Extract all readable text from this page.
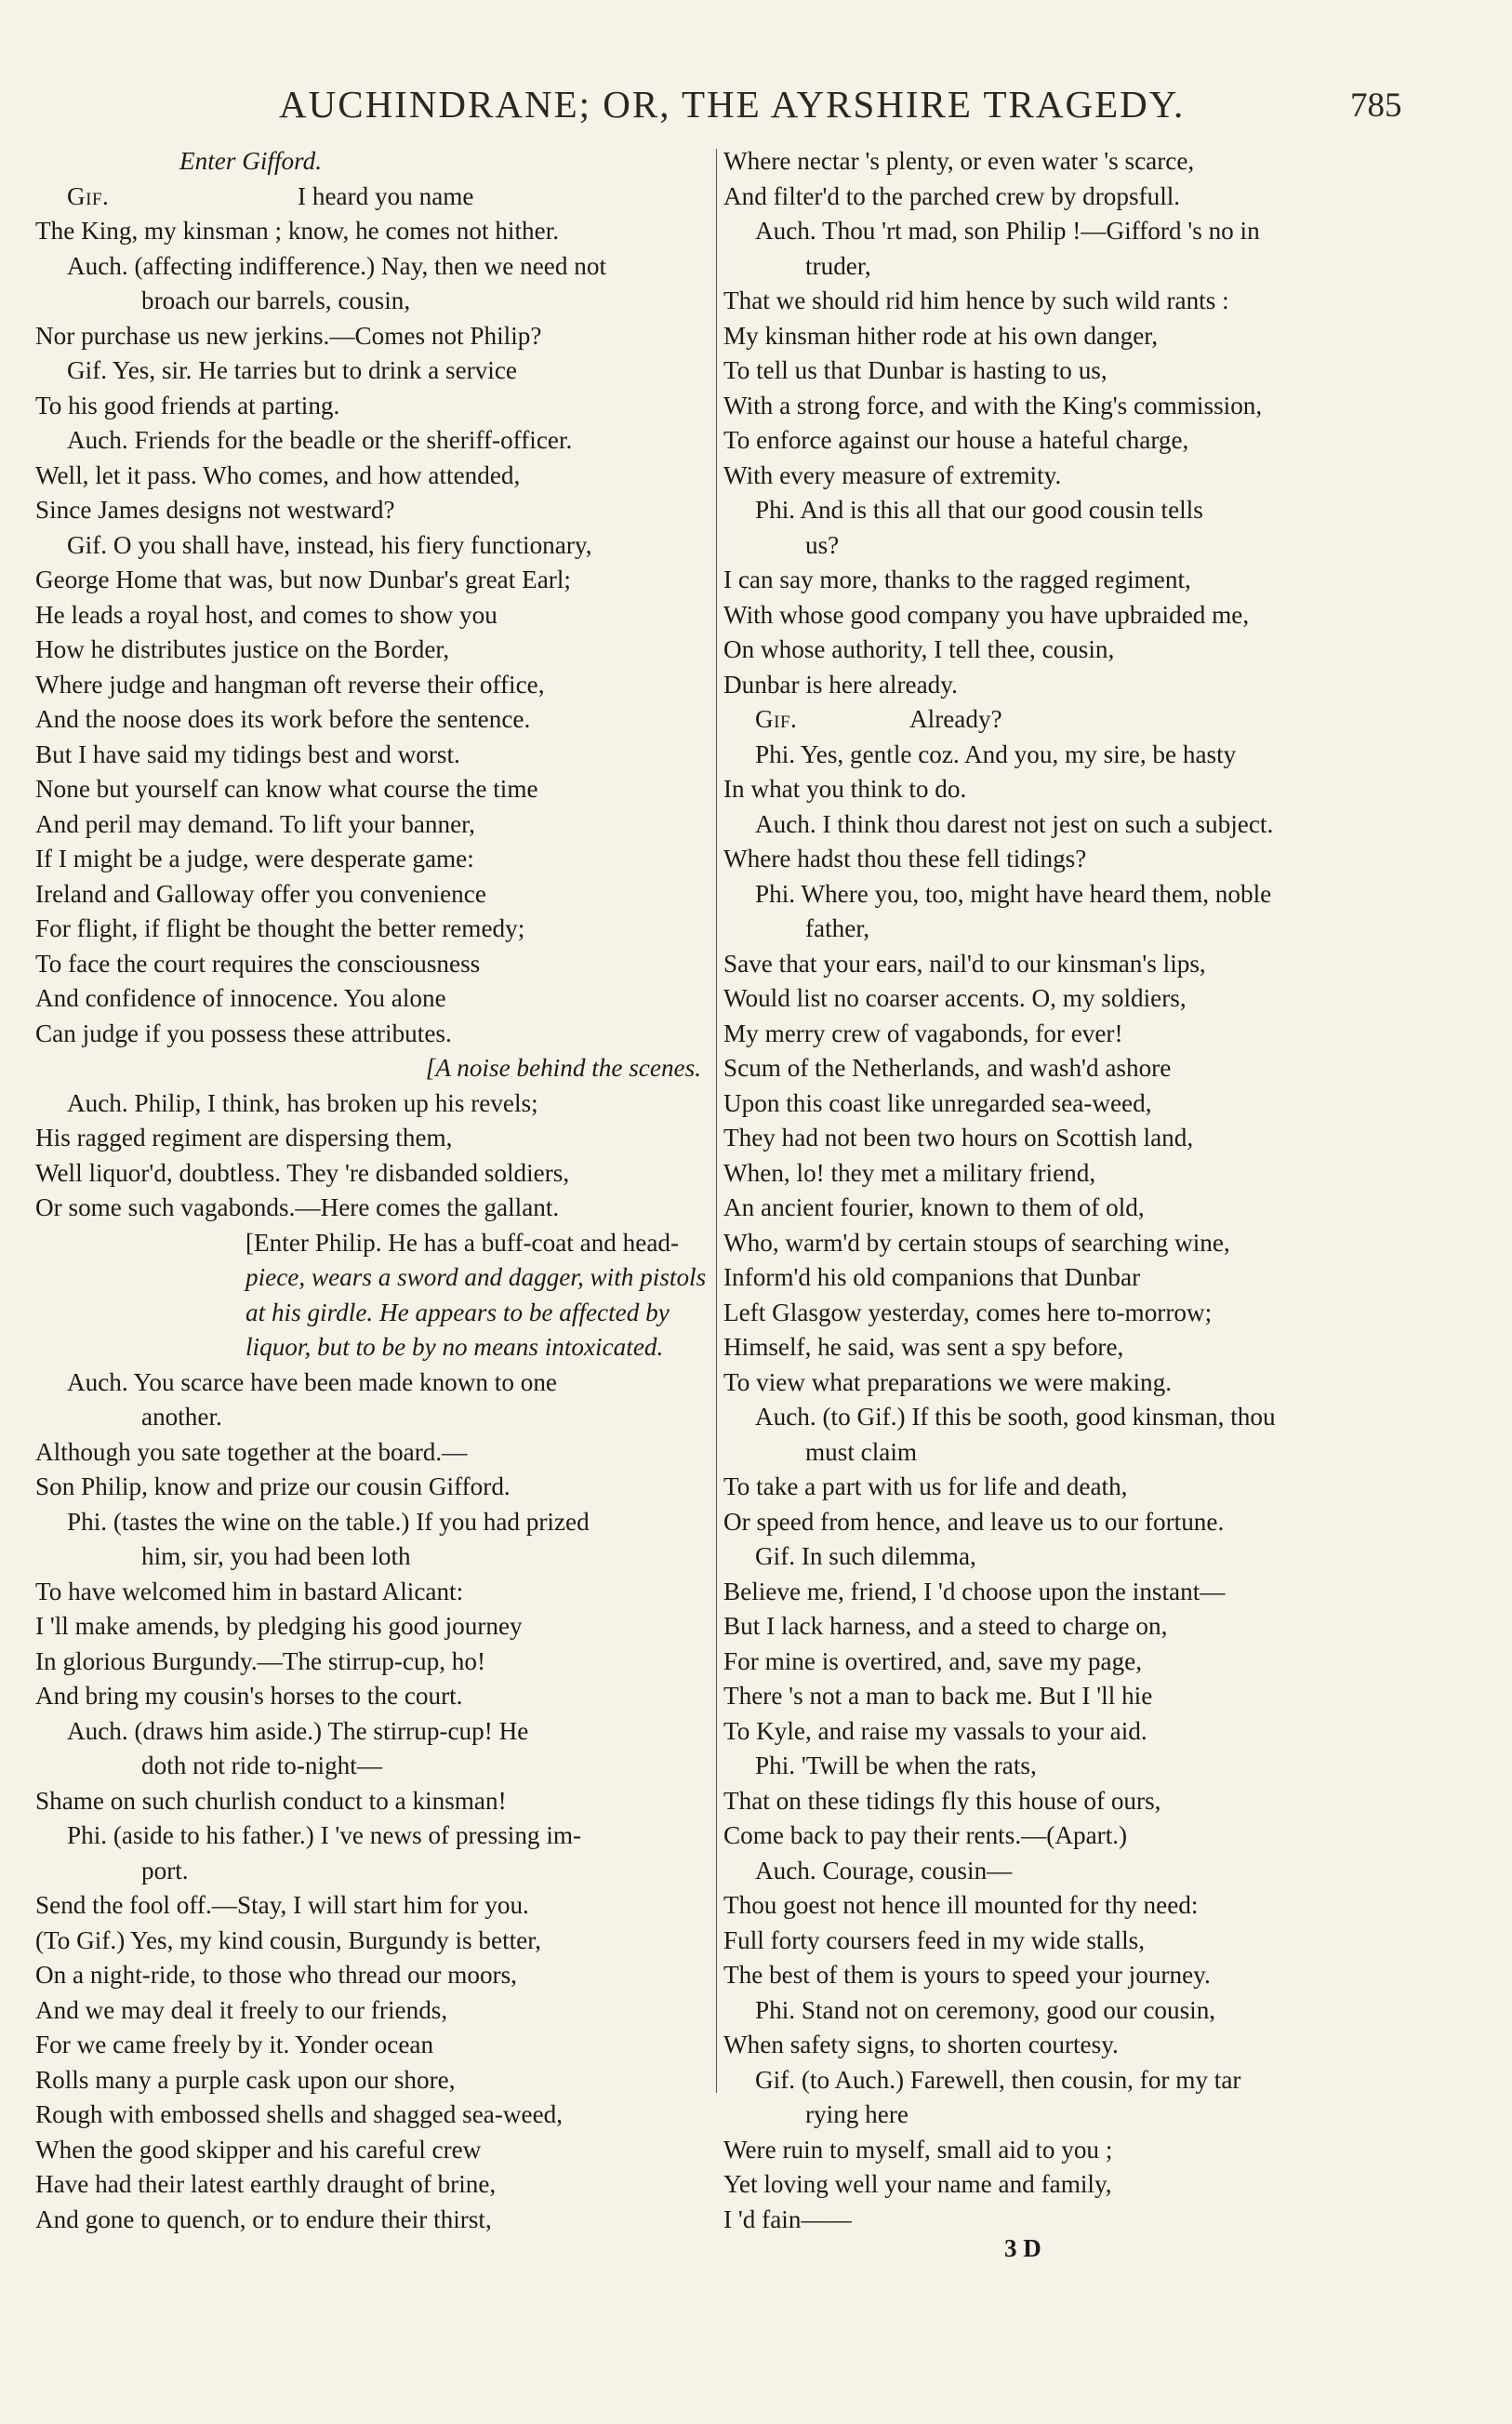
AUCHINDRANE; OR, THE AYRSHIRE TRAGEDY.	785
Enter Gifford.
Gif.	I heard you name
The King, my kinsman ; know, he comes not hither.
Auch. (affecting indifference.) Nay, then we need not
broach our barrels, cousin,
Nor purchase us new jerkins.—Comes not Philip?
Gif. Yes, sir. He tarries but to drink a service
To his good friends at parting.
Auch. Friends for the beadle or the sheriff-officer.
Well, let it pass. Who comes, and how attended,
Since James designs not westward?
Gif. O you shall have, instead, his fiery functionary,
George Home that was, but now Dunbar's great Earl;
He leads a royal host, and comes to show you
How he distributes justice on the Border,
Where judge and hangman oft reverse their office,
And the noose does its work before the sentence.
But I have said my tidings best and worst.
None but yourself can know what course the time
And peril may demand. To lift your banner,
If I might be a judge, were desperate game:
Ireland and Galloway offer you convenience
For flight, if flight be thought the better remedy;
To face the court requires the consciousness
And confidence of innocence. You alone
Can judge if you possess these attributes.
[A noise behind the scenes.
Auch. Philip, I think, has broken up his revels;
His ragged regiment are dispersing them,
Well liquor'd, doubtless. They 're disbanded soldiers,
Or some such vagabonds.—Here comes the gallant.
[Enter Philip. He has a buff-coat and head-
piece, wears a sword and dagger, with pistols
at his girdle. He appears to be affected by
liquor, but to be by no means intoxicated.
Auch. You scarce have been made known to one
another.
Although you sate together at the board.—
Son Philip, know and prize our cousin Gifford.
Phi. (tastes the wine on the table.) If you had prized
him, sir, you had been loth
To have welcomed him in bastard Alicant:
I 'll make amends, by pledging his good journey
In glorious Burgundy.—The stirrup-cup, ho!
And bring my cousin's horses to the court.
Auch. (draws him aside.) The stirrup-cup! He
doth not ride to-night—
Shame on such churlish conduct to a kinsman!
Phi. (aside to his father.) I 've news of pressing im-
port.
Send the fool off.—Stay, I will start him for you.
(To Gif.) Yes, my kind cousin, Burgundy is better,
On a night-ride, to those who thread our moors,
And we may deal it freely to our friends,
For we came freely by it. Yonder ocean
Rolls many a purple cask upon our shore,
Rough with embossed shells and shagged sea-weed,
When the good skipper and his careful crew
Have had their latest earthly draught of brine,
And gone to quench, or to endure their thirst,
Where nectar 's plenty, or even water 's scarce,
And filter'd to the parched crew by dropsfull.
Auch. Thou 'rt mad, son Philip !—Gifford 's no in
truder,
That we should rid him hence by such wild rants :
My kinsman hither rode at his own danger,
To tell us that Dunbar is hasting to us,
With a strong force, and with the King's commission,
To enforce against our house a hateful charge,
With every measure of extremity.
Phi. And is this all that our good cousin tells
us?
I can say more, thanks to the ragged regiment,
With whose good company you have upbraided me,
On whose authority, I tell thee, cousin,
Dunbar is here already.
Gif.	Already?
Phi. Yes, gentle coz. And you, my sire, be hasty
In what you think to do.
Auch. I think thou darest not jest on such a subject.
Where hadst thou these fell tidings?
Phi. Where you, too, might have heard them, noble
father,
Save that your ears, nail'd to our kinsman's lips,
Would list no coarser accents. O, my soldiers,
My merry crew of vagabonds, for ever!
Scum of the Netherlands, and wash'd ashore
Upon this coast like unregarded sea-weed,
They had not been two hours on Scottish land,
When, lo! they met a military friend,
An ancient fourier, known to them of old,
Who, warm'd by certain stoups of searching wine,
Inform'd his old companions that Dunbar
Left Glasgow yesterday, comes here to-morrow;
Himself, he said, was sent a spy before,
To view what preparations we were making.
Auch. (to Gif.) If this be sooth, good kinsman, thou
must claim
To take a part with us for life and death,
Or speed from hence, and leave us to our fortune.
Gif. In such dilemma,
Believe me, friend, I 'd choose upon the instant—
But I lack harness, and a steed to charge on,
For mine is overtired, and, save my page,
There 's not a man to back me. But I 'll hie
To Kyle, and raise my vassals to your aid.
Phi. 'Twill be when the rats,
That on these tidings fly this house of ours,
Come back to pay their rents.—(Apart.)
Auch. Courage, cousin—
Thou goest not hence ill mounted for thy need:
Full forty coursers feed in my wide stalls,
The best of them is yours to speed your journey.
Phi. Stand not on ceremony, good our cousin,
When safety signs, to shorten courtesy.
Gif. (to Auch.) Farewell, then cousin, for my tar
rying here
Were ruin to myself, small aid to you ;
Yet loving well your name and family,
I 'd fain——
3 D
